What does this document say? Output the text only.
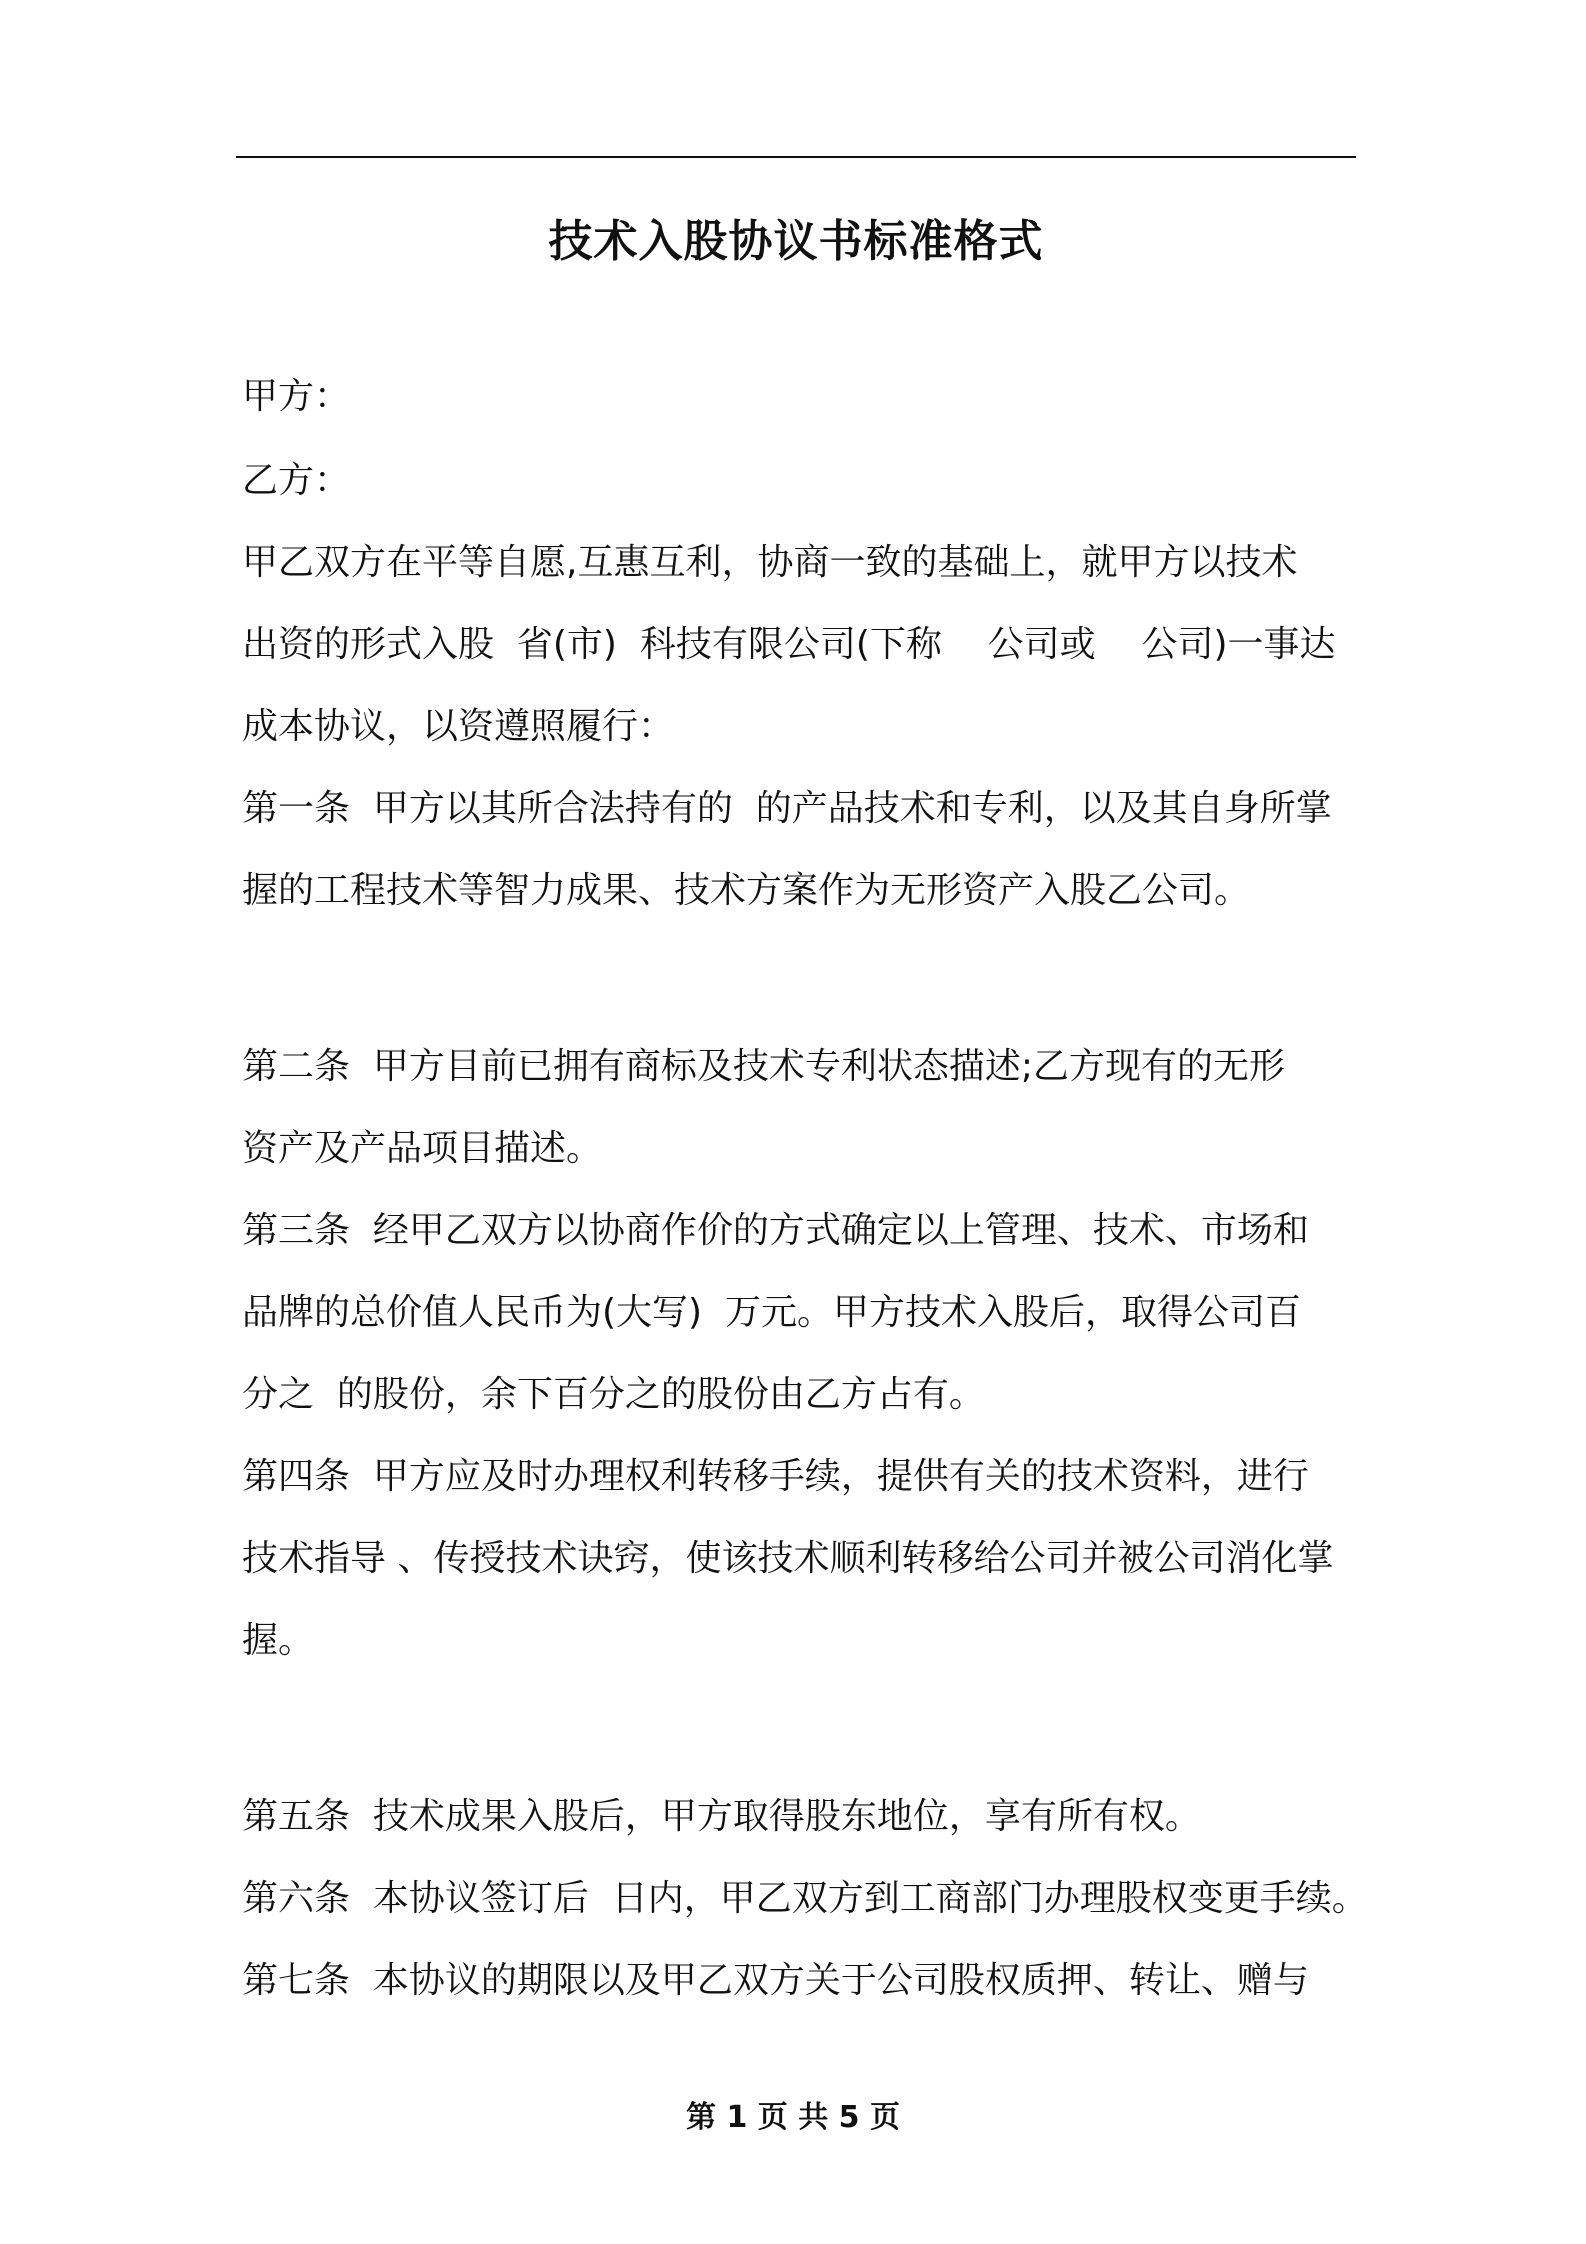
技术入股协议书标准格式

甲方：

乙方：

甲乙双方在平等自愿,互惠互利，协商一致的基础上，就甲方以技术

出资的形式入股  省(市)  科技有限公司(下称    公司或    公司)一事达

成本协议，以资遵照履行：

第一条  甲方以其所合法持有的  的产品技术和专利，以及其自身所掌

握的工程技术等智力成果、技术方案作为无形资产入股乙公司。

第二条  甲方目前已拥有商标及技术专利状态描述;乙方现有的无形

资产及产品项目描述。

第三条  经甲乙双方以协商作价的方式确定以上管理、技术、市场和

品牌的总价值人民币为(大写)  万元。甲方技术入股后，取得公司百

分之  的股份，余下百分之的股份由乙方占有。

第四条  甲方应及时办理权利转移手续，提供有关的技术资料，进行

技术指导 、传授技术诀窍，使该技术顺利转移给公司并被公司消化掌

握。

第五条  技术成果入股后，甲方取得股东地位，享有所有权。

第六条  本协议签订后  日内，甲乙双方到工商部门办理股权变更手续。

第七条  本协议的期限以及甲乙双方关于公司股权质押、转让、赠与

第 1 页 共 5 页
